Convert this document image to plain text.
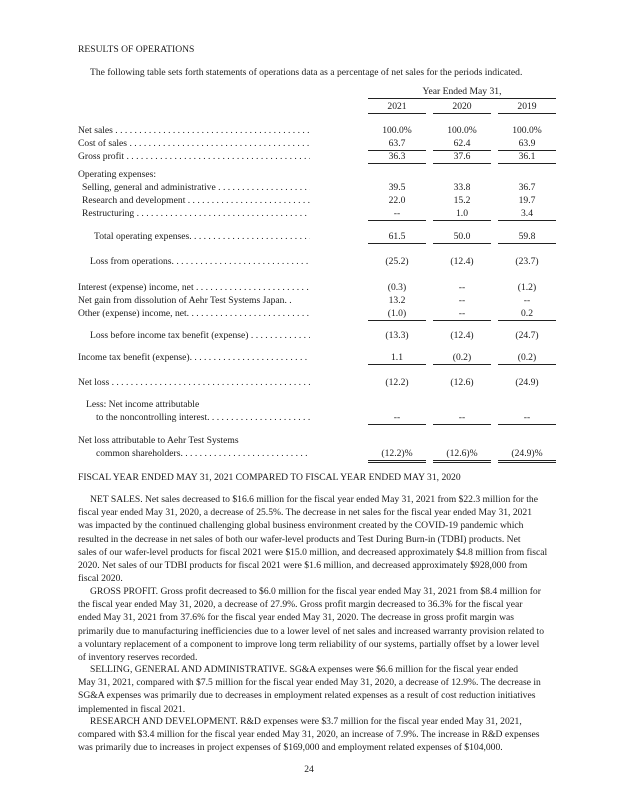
RESULTS OF OPERATIONS
The following table sets forth statements of operations data as a percentage of net sales for the periods indicated.
Year Ended May 31,
2021	2020	2019
Net sales . . .	100.0%	100.0%	100.0%
Cost of sales . . .	63.7	62.4	63.9
Gross profit . . .	36.3	37.6	36.1
Operating expenses:
Selling, general and administrative . . .	39.5	33.8	36.7
Research and development . . .	22.0	15.2	19.7
Restructuring . . .	--	1.0	3.4
Total operating expenses. . . .	61.5	50.0	59.8
Loss from operations. . . .	(25.2)	(12.4)	(23.7)
Interest (expense) income, net . . .	(0.3)	--	(1.2)
Net gain from dissolution of Aehr Test Systems Japan. .	13.2	--	--
Other (expense) income, net. . . .	(1.0)	--	0.2
Loss before income tax benefit (expense) . . .	(13.3)	(12.4)	(24.7)
Income tax benefit (expense). . . .	1.1	(0.2)	(0.2)
Net loss . . .	(12.2)	(12.6)	(24.9)
Less: Net income attributable
to the noncontrolling interest. . . .	--	--	--
Net loss attributable to Aehr Test Systems
common shareholders. . . .	(12.2)%	(12.6)%	(24.9)%
FISCAL YEAR ENDED MAY 31, 2021 COMPARED TO FISCAL YEAR ENDED MAY 31, 2020
NET SALES. Net sales decreased to $16.6 million for the fiscal year ended May 31, 2021 from $22.3 million for the
fiscal year ended May 31, 2020, a decrease of 25.5%. The decrease in net sales for the fiscal year ended May 31, 2021
was impacted by the continued challenging global business environment created by the COVID-19 pandemic which
resulted in the decrease in net sales of both our wafer-level products and Test During Burn-in (TDBI) products. Net
sales of our wafer-level products for fiscal 2021 were $15.0 million, and decreased approximately $4.8 million from fiscal
2020. Net sales of our TDBI products for fiscal 2021 were $1.6 million, and decreased approximately $928,000 from
fiscal 2020.
GROSS PROFIT. Gross profit decreased to $6.0 million for the fiscal year ended May 31, 2021 from $8.4 million for
the fiscal year ended May 31, 2020, a decrease of 27.9%. Gross profit margin decreased to 36.3% for the fiscal year
ended May 31, 2021 from 37.6% for the fiscal year ended May 31, 2020. The decrease in gross profit margin was
primarily due to manufacturing inefficiencies due to a lower level of net sales and increased warranty provision related to
a voluntary replacement of a component to improve long term reliability of our systems, partially offset by a lower level
of inventory reserves recorded.
SELLING, GENERAL AND ADMINISTRATIVE. SG&A expenses were $6.6 million for the fiscal year ended
May 31, 2021, compared with $7.5 million for the fiscal year ended May 31, 2020, a decrease of 12.9%. The decrease in
SG&A expenses was primarily due to decreases in employment related expenses as a result of cost reduction initiatives
implemented in fiscal 2021.
RESEARCH AND DEVELOPMENT. R&D expenses were $3.7 million for the fiscal year ended May 31, 2021,
compared with $3.4 million for the fiscal year ended May 31, 2020, an increase of 7.9%. The increase in R&D expenses
was primarily due to increases in project expenses of $169,000 and employment related expenses of $104,000.
24
